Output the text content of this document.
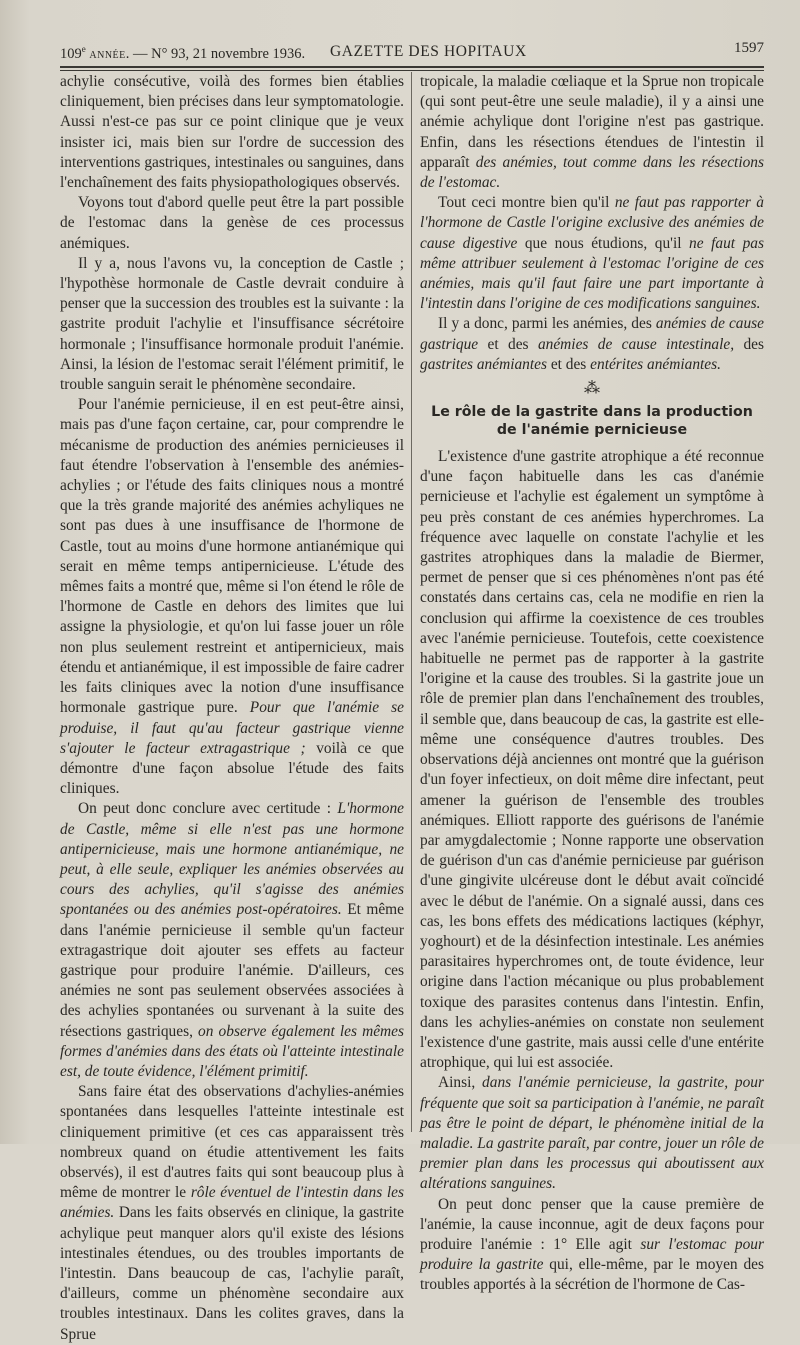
109e année. — N° 93, 21 novembre 1936. GAZETTE DES HOPITAUX	1597

achylie consécutive, voilà des formes bien établies cliniquement, bien précises dans leur symptomatologie. Aussi n'est-ce pas sur ce point clinique que je veux insister ici, mais bien sur l'ordre de succession des interventions gastriques, intestinales ou sanguines, dans l'enchaînement des faits physiopathologiques observés.

Voyons tout d'abord quelle peut être la part possible de l'estomac dans la genèse de ces processus anémiques.

Il y a, nous l'avons vu, la conception de Castle ; l'hypothèse hormonale de Castle devrait conduire à penser que la succession des troubles est la suivante : la gastrite produit l'achylie et l'insuffisance sécrétoire hormonale ; l'insuffisance hormonale produit l'anémie. Ainsi, la lésion de l'estomac serait l'élément primitif, le trouble sanguin serait le phénomène secondaire.

Pour l'anémie pernicieuse, il en est peut-être ainsi, mais pas d'une façon certaine, car, pour comprendre le mécanisme de production des anémies pernicieuses il faut étendre l'observation à l'ensemble des anémies-achylies ; or l'étude des faits cliniques nous a montré que la très grande majorité des anémies achyliques ne sont pas dues à une insuffisance de l'hormone de Castle, tout au moins d'une hormone antianémique qui serait en même temps antipernicieuse. L'étude des mêmes faits a montré que, même si l'on étend le rôle de l'hormone de Castle en dehors des limites que lui assigne la physiologie, et qu'on lui fasse jouer un rôle non plus seulement restreint et antipernicieux, mais étendu et antianémique, il est impossible de faire cadrer les faits cliniques avec la notion d'une insuffisance hormonale gastrique pure. Pour que l'anémie se produise, il faut qu'au facteur gastrique vienne s'ajouter le facteur extragastrique ; voilà ce que démontre d'une façon absolue l'étude des faits cliniques.

On peut donc conclure avec certitude : L'hormone de Castle, même si elle n'est pas une hormone antipernicieuse, mais une hormone antianémique, ne peut, à elle seule, expliquer les anémies observées au cours des achylies, qu'il s'agisse des anémies spontanées ou des anémies post-opératoires. Et même dans l'anémie pernicieuse il semble qu'un facteur extragastrique doit ajouter ses effets au facteur gastrique pour produire l'anémie. D'ailleurs, ces anémies ne sont pas seulement observées associées à des achylies spontanées ou survenant à la suite des résections gastriques, on observe également les mêmes formes d'anémies dans des états où l'atteinte intestinale est, de toute évidence, l'élément primitif.

Sans faire état des observations d'achylies-anémies spontanées dans lesquelles l'atteinte intestinale est cliniquement primitive (et ces cas apparaissent très nombreux quand on étudie attentivement les faits observés), il est d'autres faits qui sont beaucoup plus à même de montrer le rôle éventuel de l'intestin dans les anémies. Dans les faits observés en clinique, la gastrite achylique peut manquer alors qu'il existe des lésions intestinales étendues, ou des troubles importants de l'intestin. Dans beaucoup de cas, l'achylie paraît, d'ailleurs, comme un phénomène secondaire aux troubles intestinaux. Dans les colites graves, dans la Sprue

tropicale, la maladie cœliaque et la Sprue non tropicale (qui sont peut-être une seule maladie), il y a ainsi une anémie achylique dont l'origine n'est pas gastrique. Enfin, dans les résections étendues de l'intestin il apparaît des anémies, tout comme dans les résections de l'estomac.

Tout ceci montre bien qu'il ne faut pas rapporter à l'hormone de Castle l'origine exclusive des anémies de cause digestive que nous étudions, qu'il ne faut pas même attribuer seulement à l'estomac l'origine de ces anémies, mais qu'il faut faire une part importante à l'intestin dans l'origine de ces modifications sanguines.

Il y a donc, parmi les anémies, des anémies de cause gastrique et des anémies de cause intestinale, des gastrites anémiantes et des entérites anémiantes.

⁂
Le rôle de la gastrite dans la production
de l'anémie pernicieuse

L'existence d'une gastrite atrophique a été reconnue d'une façon habituelle dans les cas d'anémie pernicieuse et l'achylie est également un symptôme à peu près constant de ces anémies hyperchromes. La fréquence avec laquelle on constate l'achylie et les gastrites atrophiques dans la maladie de Biermer, permet de penser que si ces phénomènes n'ont pas été constatés dans certains cas, cela ne modifie en rien la conclusion qui affirme la coexistence de ces troubles avec l'anémie pernicieuse. Toutefois, cette coexistence habituelle ne permet pas de rapporter à la gastrite l'origine et la cause des troubles. Si la gastrite joue un rôle de premier plan dans l'enchaînement des troubles, il semble que, dans beaucoup de cas, la gastrite est elle-même une conséquence d'autres troubles. Des observations déjà anciennes ont montré que la guérison d'un foyer infectieux, on doit même dire infectant, peut amener la guérison de l'ensemble des troubles anémiques. Elliott rapporte des guérisons de l'anémie par amygdalectomie ; Nonne rapporte une observation de guérison d'un cas d'anémie pernicieuse par guérison d'une gingivite ulcéreuse dont le début avait coïncidé avec le début de l'anémie. On a signalé aussi, dans ces cas, les bons effets des médications lactiques (képhyr, yoghourt) et de la désinfection intestinale. Les anémies parasitaires hyperchromes ont, de toute évidence, leur origine dans l'action mécanique ou plus probablement toxique des parasites contenus dans l'intestin. Enfin, dans les achylies-anémies on constate non seulement l'existence d'une gastrite, mais aussi celle d'une entérite atrophique, qui lui est associée.

Ainsi, dans l'anémie pernicieuse, la gastrite, pour fréquente que soit sa participation à l'anémie, ne paraît pas être le point de départ, le phénomène initial de la maladie. La gastrite paraît, par contre, jouer un rôle de premier plan dans les processus qui aboutissent aux altérations sanguines.

On peut donc penser que la cause première de l'anémie, la cause inconnue, agit de deux façons pour produire l'anémie : 1° Elle agit sur l'estomac pour produire la gastrite qui, elle-même, par le moyen des troubles apportés à la sécrétion de l'hormone de Cas-
